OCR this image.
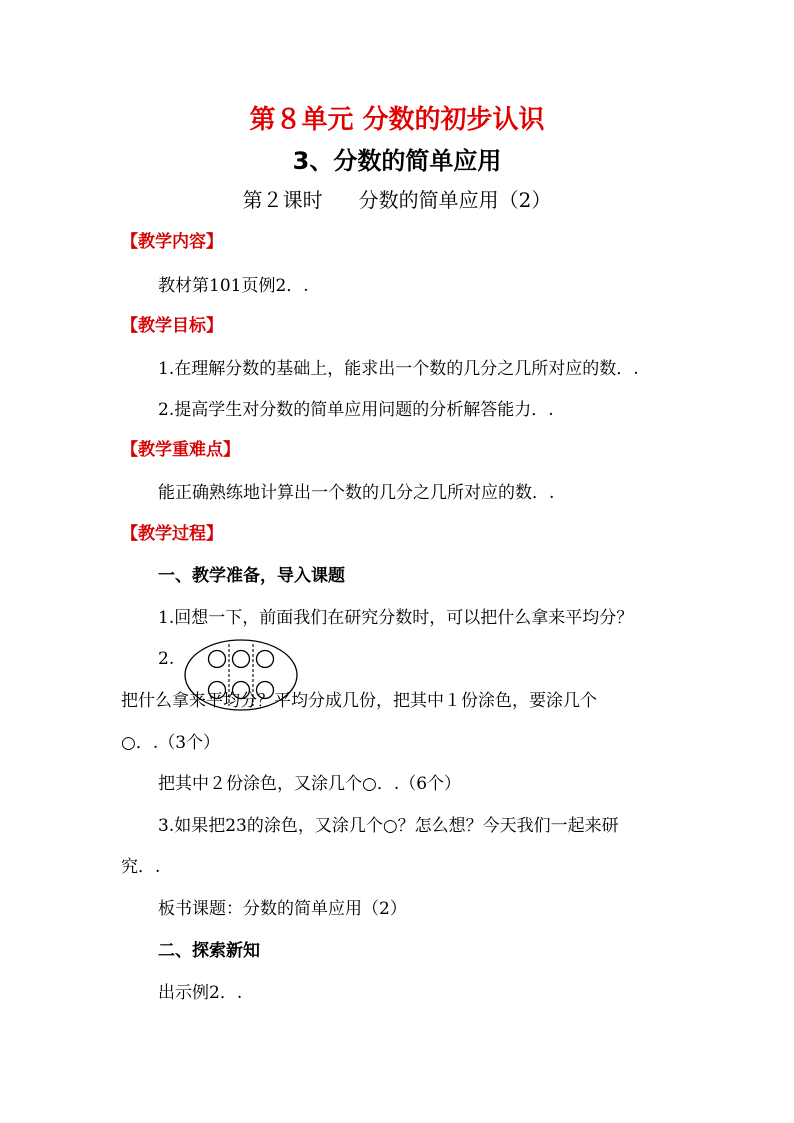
第８单元 分数的初步认识
3、分数的简单应用
第２课时 分数的简单应用（2）
【教学内容】
教材第101页例2．.
【教学目标】
1.在理解分数的基础上，能求出一个数的几分之几所对应的数．.
2.提高学生对分数的简单应用问题的分析解答能力．.
【教学重难点】
能正确熟练地计算出一个数的几分之几所对应的数．.
【教学过程】
一、教学准备，导入课题
1.回想一下，前面我们在研究分数时，可以把什么拿来平均分？
2.
把什么拿来平均分？平均分成几份，把其中１份涂色，要涂几个
○．.（3个）
把其中２份涂色，又涂几个○．.（6个）
3.如果把23的涂色，又涂几个○？怎么想？今天我们一起来研
究．.
板书课题：分数的简单应用（2）
二、探索新知
出示例2．.
